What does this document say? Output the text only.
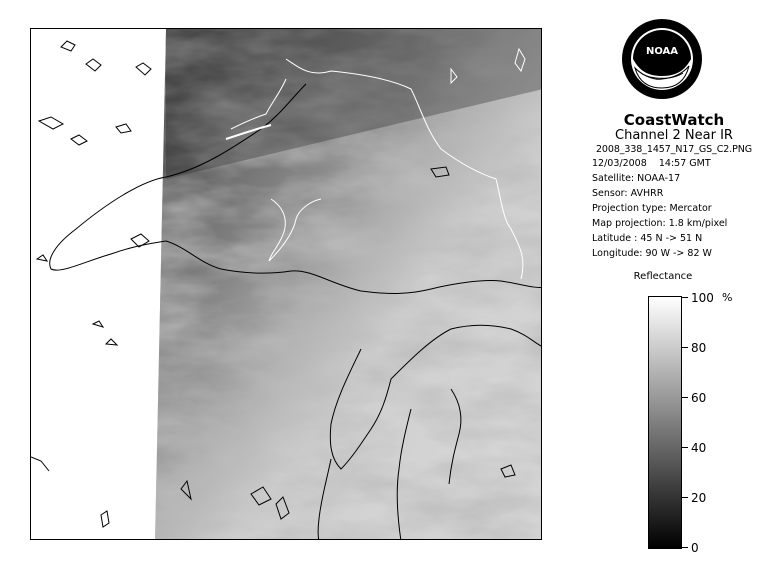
NOAA
CoastWatch
Channel 2 Near IR
2008_338_1457_N17_GS_C2.PNG
12/03/2008 14:57 GMT
Satellite: NOAA-17
Sensor: AVHRR
Projection type: Mercator
Map projection: 1.8 km/pixel
Latitude : 45 N -> 51 N
Longitude: 90 W -> 82 W
Reflectance
%
100
80
60
40
20
0
